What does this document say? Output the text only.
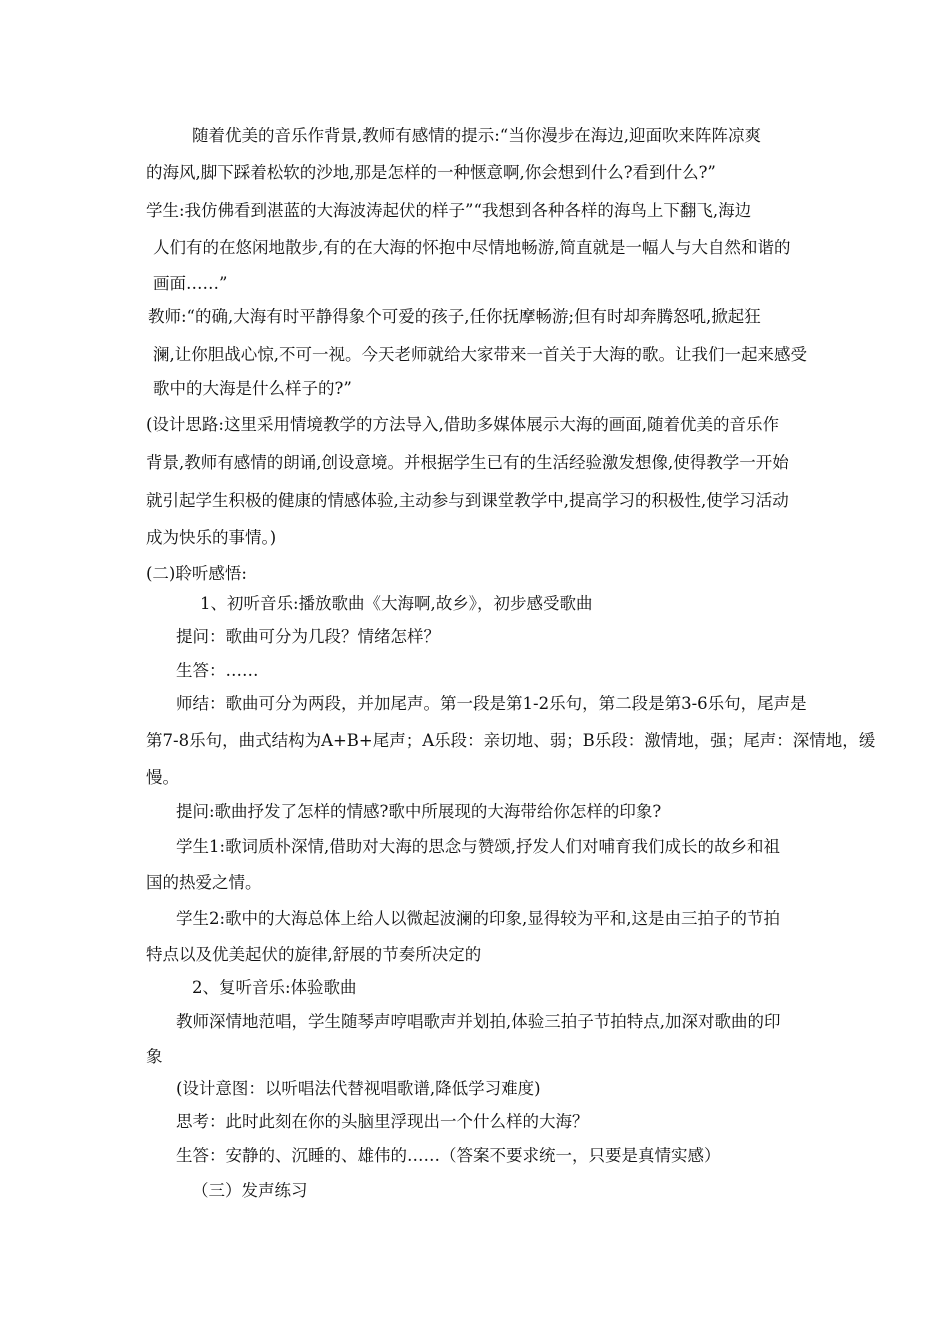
随着优美的音乐作背景,教师有感情的提示:“当你漫步在海边,迎面吹来阵阵凉爽

的海风,脚下踩着松软的沙地,那是怎样的一种惬意啊,你会想到什么?看到什么?”

学生:我仿佛看到湛蓝的大海波涛起伏的样子”“我想到各种各样的海鸟上下翻飞,海边

人们有的在悠闲地散步,有的在大海的怀抱中尽情地畅游,简直就是一幅人与大自然和谐的

画面……”

教师:“的确,大海有时平静得象个可爱的孩子,任你抚摩畅游;但有时却奔腾怒吼,掀起狂

澜,让你胆战心惊,不可一视。今天老师就给大家带来一首关于大海的歌。让我们一起来感受

歌中的大海是什么样子的?”

(设计思路:这里采用情境教学的方法导入,借助多媒体展示大海的画面,随着优美的音乐作

背景,教师有感情的朗诵,创设意境。并根据学生已有的生活经验激发想像,使得教学一开始

就引起学生积极的健康的情感体验,主动参与到课堂教学中,提高学习的积极性,使学习活动

成为快乐的事情。)

(二)聆听感悟:

1、初听音乐:播放歌曲《大海啊,故乡》，初步感受歌曲

提问：歌曲可分为几段？情绪怎样？

生答：……

师结：歌曲可分为两段，并加尾声。第一段是第1-2乐句，第二段是第3-6乐句，尾声是

第7-8乐句，曲式结构为A+B+尾声；A乐段：亲切地、弱；B乐段：激情地，强；尾声：深情地，缓

慢。

提问:歌曲抒发了怎样的情感?歌中所展现的大海带给你怎样的印象?

学生1:歌词质朴深情,借助对大海的思念与赞颂,抒发人们对哺育我们成长的故乡和祖

国的热爱之情。

学生2:歌中的大海总体上给人以微起波澜的印象,显得较为平和,这是由三拍子的节拍

特点以及优美起伏的旋律,舒展的节奏所决定的

2、复听音乐:体验歌曲

教师深情地范唱，学生随琴声哼唱歌声并划拍,体验三拍子节拍特点,加深对歌曲的印

象

(设计意图：以听唱法代替视唱歌谱,降低学习难度)

思考：此时此刻在你的头脑里浮现出一个什么样的大海？

生答：安静的、沉睡的、雄伟的……（答案不要求统一，只要是真情实感）

（三）发声练习
